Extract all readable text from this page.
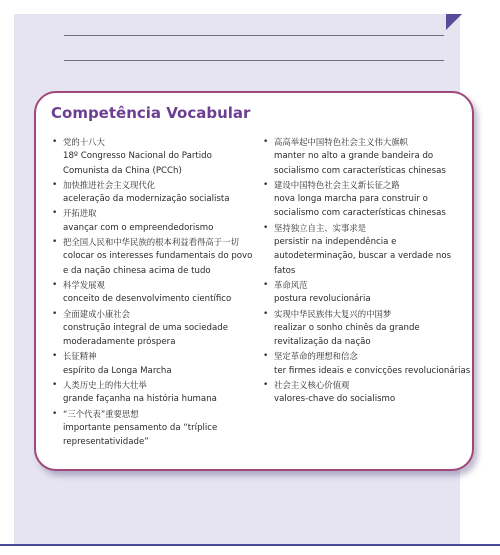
Competência Vocabular
• 党的十八大
18º Congresso Nacional do Partido Comunista da China (PCCh)
• 加快推进社会主义现代化
aceleração da modernização socialista
• 开拓进取
avançar com o empreendedorismo
• 把全国人民和中华民族的根本利益看得高于一切
colocar os interesses fundamentais do povo e da nação chinesa acima de tudo
• 科学发展观
conceito de desenvolvimento científico
• 全面建成小康社会
construção integral de uma sociedade moderadamente próspera
• 长征精神
espírito da Longa Marcha
• 人类历史上的伟大壮举
grande façanha na história humana
• “三个代表”重要思想
importante pensamento da “tríplice representatividade”
• 高高举起中国特色社会主义伟大旗帜
manter no alto a grande bandeira do socialismo com características chinesas
• 建设中国特色社会主义新长征之路
nova longa marcha para construir o socialismo com características chinesas
• 坚持独立自主、实事求是
persistir na independência e autodeterminação, buscar a verdade nos fatos
• 革命风范
postura revolucionária
• 实现中华民族伟大复兴的中国梦
realizar o sonho chinês da grande revitalização da nação
• 坚定革命的理想和信念
ter firmes ideais e convicções revolucionárias
• 社会主义核心价值观
valores-chave do socialismo
